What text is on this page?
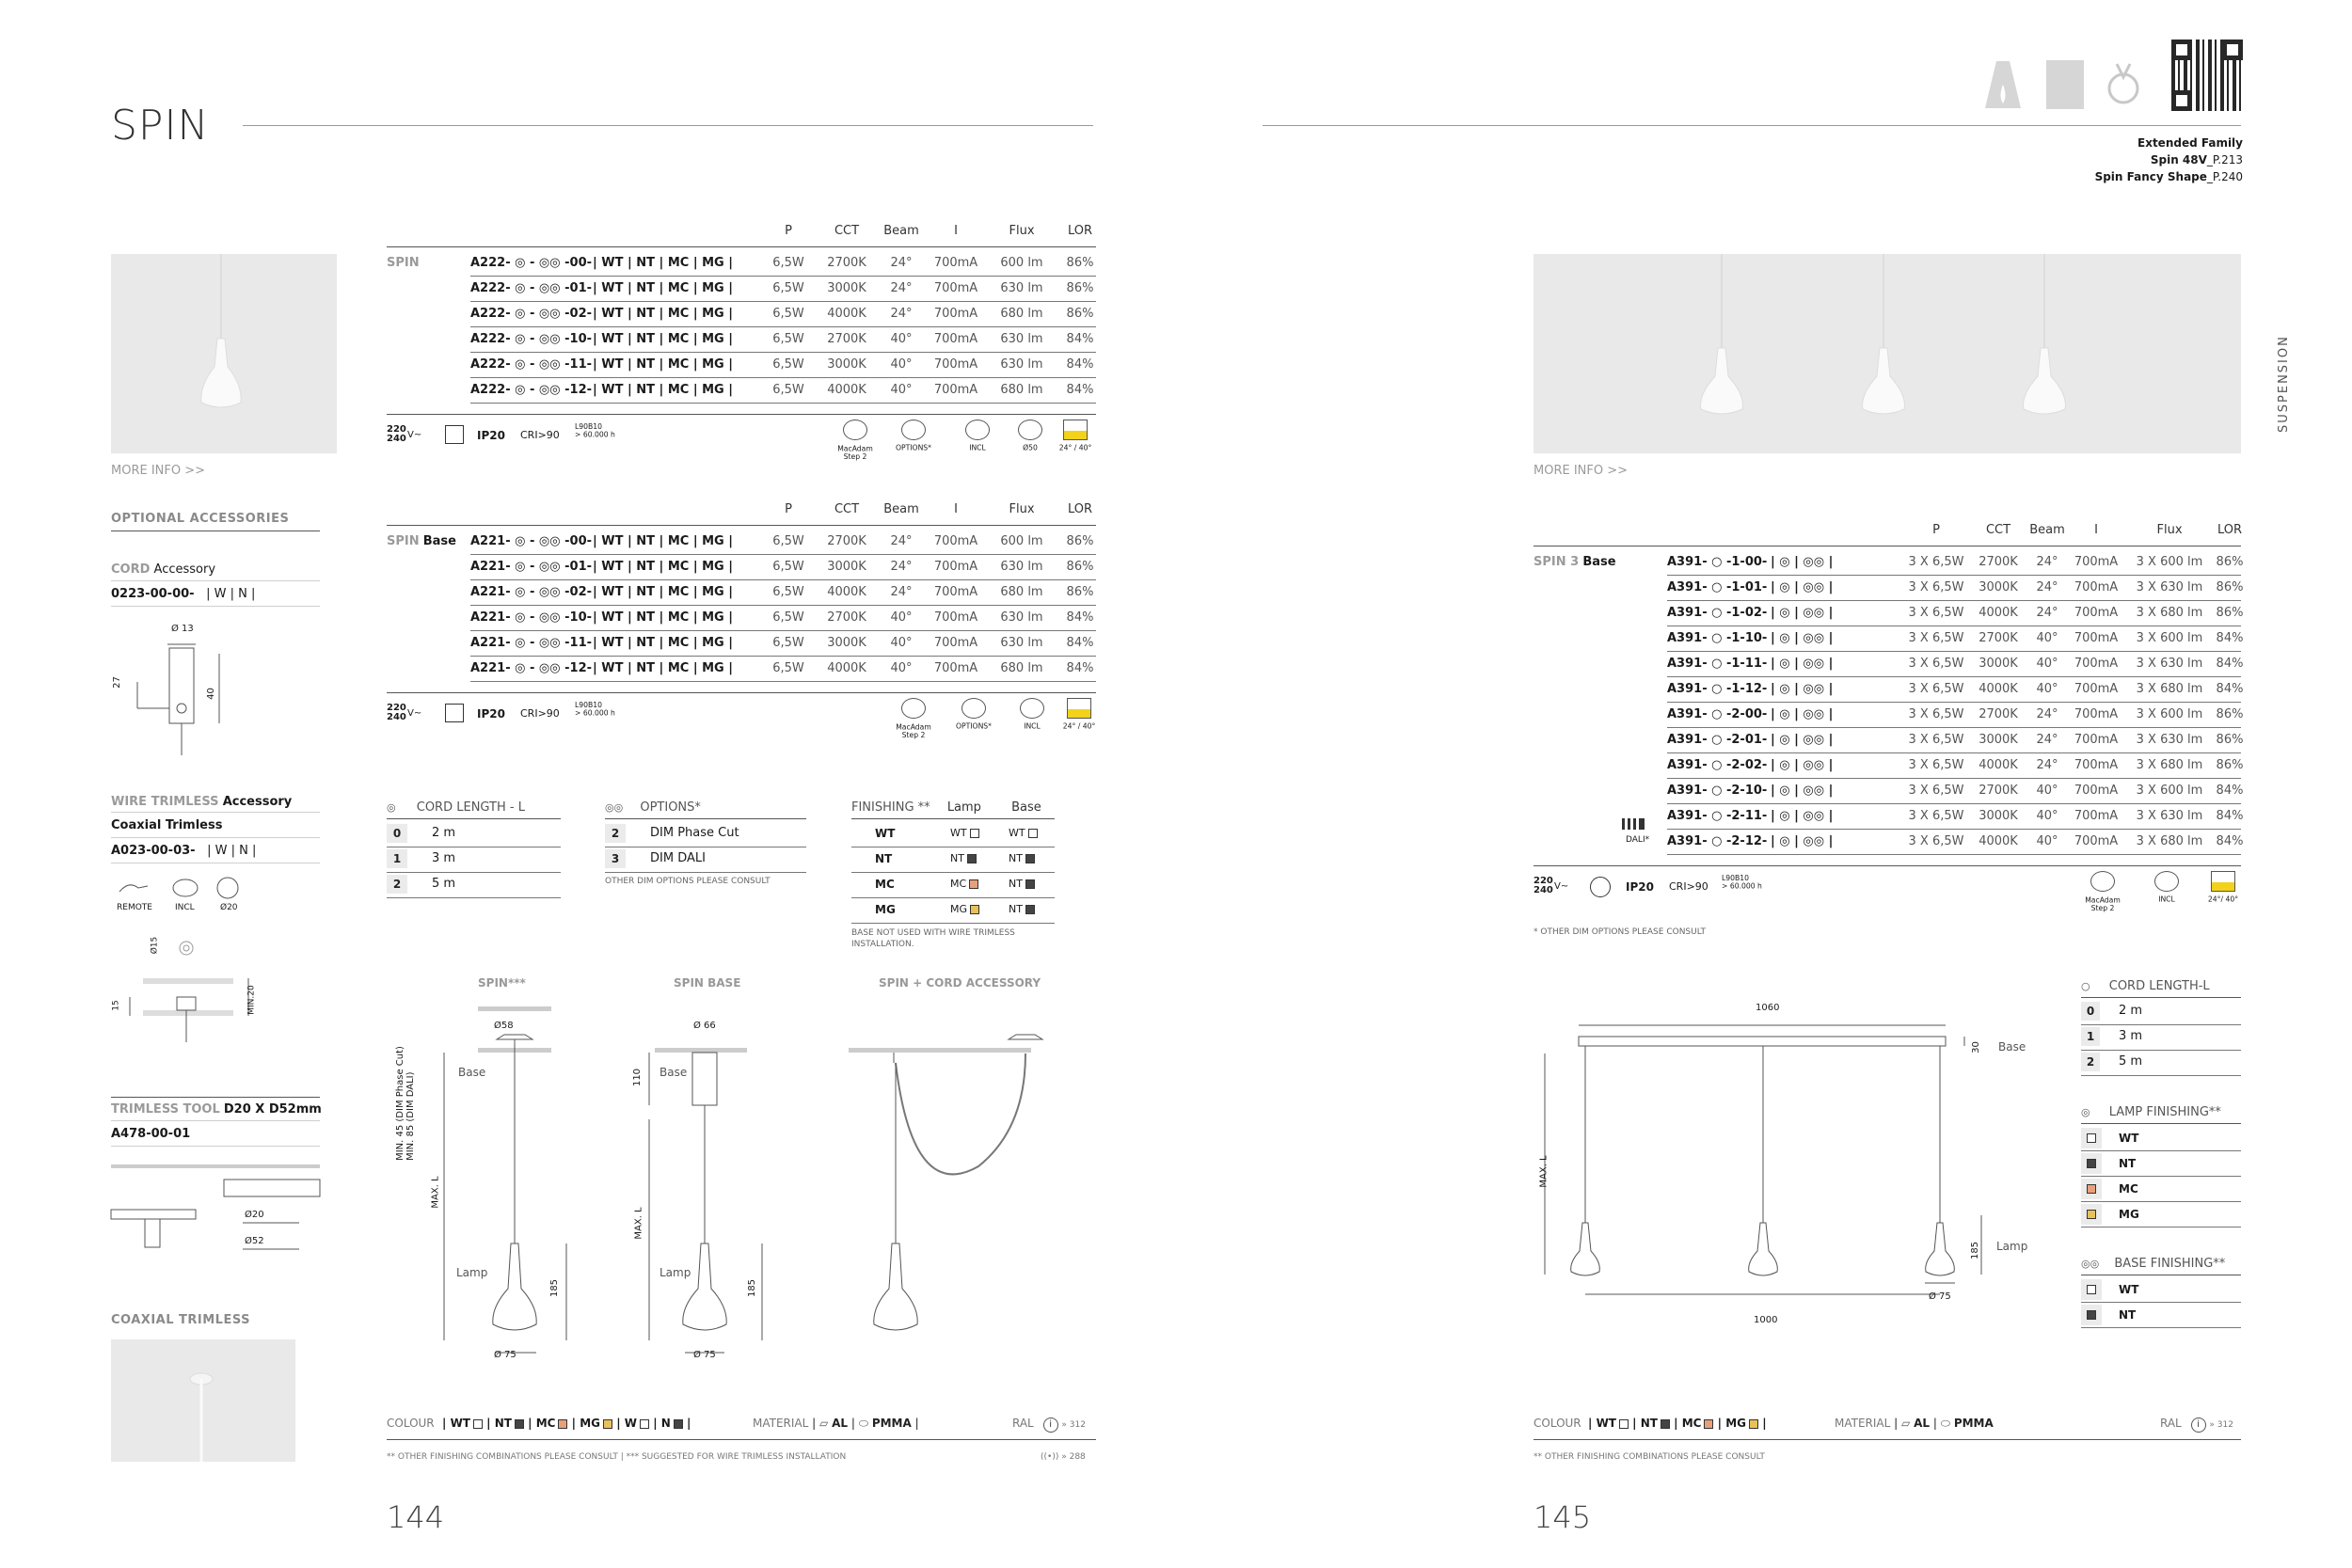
SPIN
MORE INFO >>
OPTIONAL ACCESSORIES
CORD Accessory
0223-00-00- | W | N |
Ø 13
27
40
WIRE TRIMLESS Accessory
Coaxial Trimless
A023-00-03- | W | N |
REMOTE	INCL	Ø20
Ø15
15	MIN.20
TRIMLESS TOOL D20 X D52mm
A478-00-01
Ø20
Ø52
COAXIAL TRIMLESS
P	CCT	Beam	I	Flux	LOR
SPIN	A222- ◎ - ◎◎ -00- | WT | NT | MC | MG |	6,5W	2700K	24°	700mA	600 lm	86%
A222- ◎ - ◎◎ -01- | WT | NT | MC | MG |	6,5W	3000K	24°	700mA	630 lm	86%
A222- ◎ - ◎◎ -02- | WT | NT | MC | MG |	6,5W	4000K	24°	700mA	680 lm	86%
A222- ◎ - ◎◎ -10- | WT | NT | MC | MG |	6,5W	2700K	40°	700mA	630 lm	84%
A222- ◎ - ◎◎ -11- | WT | NT | MC | MG |	6,5W	3000K	40°	700mA	630 lm	84%
A222- ◎ - ◎◎ -12- | WT | NT | MC | MG |	6,5W	4000K	40°	700mA	680 lm	84%
220
240 V~	IP20 CRI>90
L90B10
> 60.000 h
MacAdam Step 2
OPTIONS*	INCL	Ø50	24° / 40°
P	CCT	Beam	I	Flux	LOR
SPIN Base A221- ◎ - ◎◎ -00- | WT | NT | MC | MG |	6,5W	2700K	24°	700mA	600 lm	86%
A221- ◎ - ◎◎ -01- | WT | NT | MC | MG |	6,5W	3000K	24°	700mA	630 lm	86%
A221- ◎ - ◎◎ -02- | WT | NT | MC | MG |	6,5W	4000K	24°	700mA	680 lm	86%
A221- ◎ - ◎◎ -10- | WT | NT | MC | MG |	6,5W	2700K	40°	700mA	630 lm	84%
A221- ◎ - ◎◎ -11- | WT | NT | MC | MG |	6,5W	3000K	40°	700mA	630 lm	84%
A221- ◎ - ◎◎ -12- | WT | NT | MC | MG |	6,5W	4000K	40°	700mA	680 lm	84%
220
240 V~	IP20 CRI>90
L90B10
> 60.000 h
MacAdam Step 2
OPTIONS*	INCL	24° / 40°
◎ CORD LENGTH - L
0	2 m
1	3 m
2	5 m
◎◎ OPTIONS*
2	DIM Phase Cut
3	DIM DALI
OTHER DIM OPTIONS PLEASE CONSULT
FINISHING ** Lamp Base
WT	WT	WT
NT	NT	NT
MC	MC	NT
MG	MG	NT
BASE NOT USED WITH WIRE TRIMLESS INSTALLATION.
SPIN***	SPIN BASE	SPIN + CORD ACCESSORY
Ø58
Base
Lamp
185
Ø 75
MAX. L
MIN. 45 (DIM Phase Cut)
MIN. 85 (DIM DALI)
Ø 66
Base
110
Lamp
185
Ø 75
MAX. L
COLOUR | WT | NT | MC | MG | W | N |	MATERIAL | ▱ AL | ⬭ PMMA |	RAL i » 312
** OTHER FINISHING COMBINATIONS PLEASE CONSULT | *** SUGGESTED FOR WIRE TRIMLESS INSTALLATION	((•)) » 288
144
Extended Family
Spin 48V_P.213
Spin Fancy Shape_P.240
SUSPENSION
MORE INFO >>
P	CCT	Beam	I	Flux	LOR
SPIN 3 Base	A391- ○ -1-00- | ◎ | ◎◎ |	3 X 6,5W	2700K	24°	700mA	3 X 600 lm	86%
A391- ○ -1-01- | ◎ | ◎◎ |	3 X 6,5W	3000K	24°	700mA	3 X 630 lm	86%
A391- ○ -1-02- | ◎ | ◎◎ |	3 X 6,5W	4000K	24°	700mA	3 X 680 lm	86%
A391- ○ -1-10- | ◎ | ◎◎ |	3 X 6,5W	2700K	40°	700mA	3 X 600 lm	84%
A391- ○ -1-11- | ◎ | ◎◎ |	3 X 6,5W	3000K	40°	700mA	3 X 630 lm	84%
A391- ○ -1-12- | ◎ | ◎◎ |	3 X 6,5W	4000K	40°	700mA	3 X 680 lm	84%
A391- ○ -2-00- | ◎ | ◎◎ |	3 X 6,5W	2700K	24°	700mA	3 X 600 lm	86%
A391- ○ -2-01- | ◎ | ◎◎ |	3 X 6,5W	3000K	24°	700mA	3 X 630 lm	86%
A391- ○ -2-02- | ◎ | ◎◎ |	3 X 6,5W	4000K	24°	700mA	3 X 680 lm	86%
A391- ○ -2-10- | ◎ | ◎◎ |	3 X 6,5W	2700K	40°	700mA	3 X 600 lm	84%
A391- ○ -2-11- | ◎ | ◎◎ |	3 X 6,5W	3000K	40°	700mA	3 X 630 lm	84%
A391- ○ -2-12- | ◎ | ◎◎ |	3 X 6,5W	4000K	40°	700mA	3 X 680 lm	84%
DALI*
220
240 V~	IP20 CRI>90
L90B10
> 60.000 h
MacAdam Step 2
INCL	24°/ 40°
* OTHER DIM OPTIONS PLEASE CONSULT
○ CORD LENGTH-L
0	2 m
1	3 m
2	5 m
◎ LAMP FINISHING**
WT
NT
MC
MG
◎◎ BASE FINISHING**
WT
NT
1060
30 Base
MAX. L
185 Lamp
Ø 75
1000
COLOUR | WT | NT | MC | MG |	MATERIAL | ▱ AL | ⬭ PMMA	RAL i » 312
** OTHER FINISHING COMBINATIONS PLEASE CONSULT
145
